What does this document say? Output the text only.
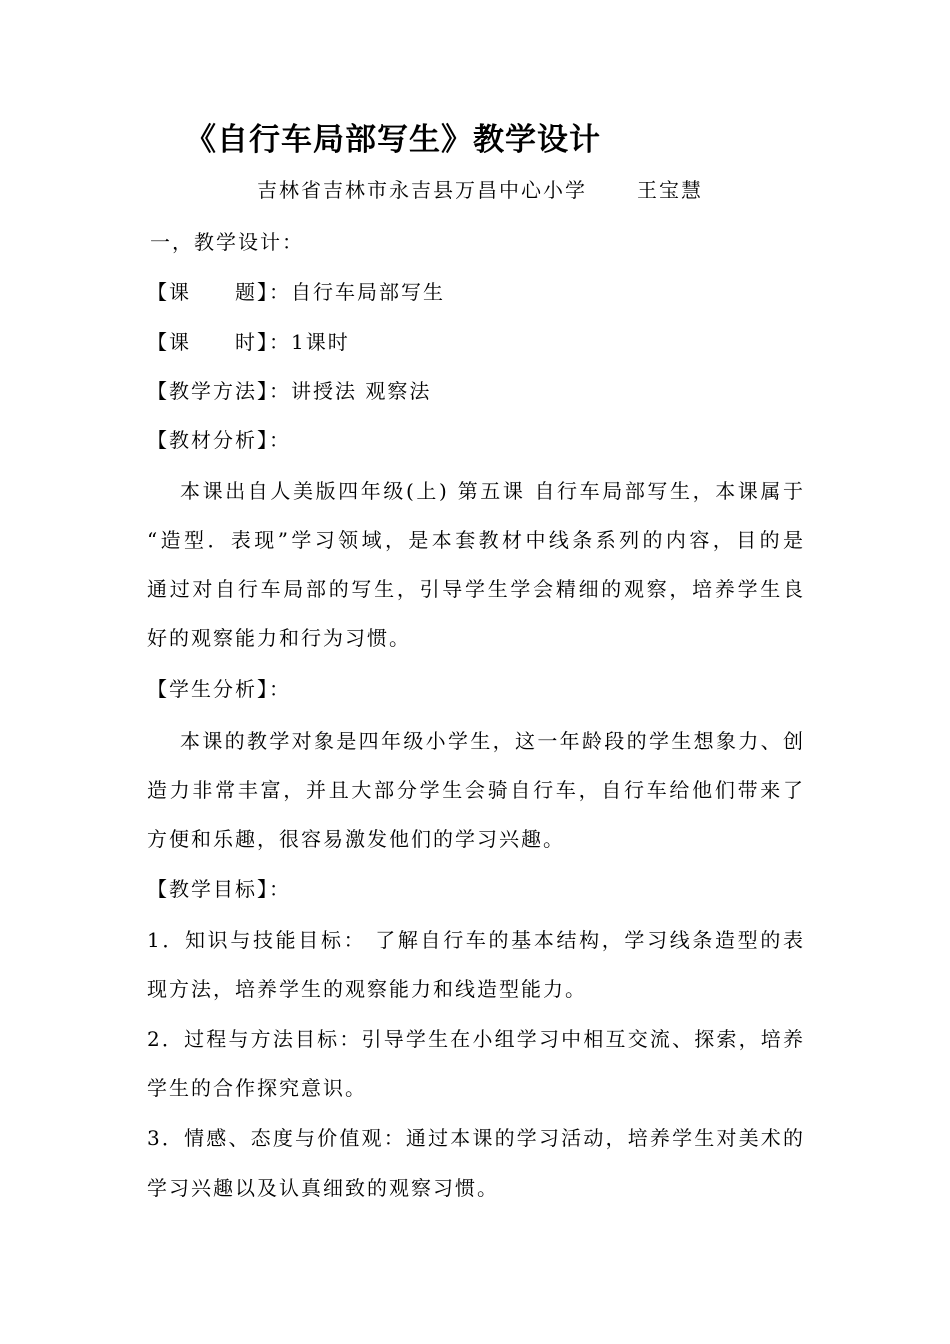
《自行车局部写生》教学设计
吉林省吉林市永吉县万昌中心小学	王宝慧
一，教学设计：
【课　　题】：自行车局部写生
【课　　时】：1课时
【教学方法】：讲授法 观察法
【教材分析】：
本课出自人美版四年级(上) 第五课 自行车局部写生，本课属于
“造型．表现”学习领域，是本套教材中线条系列的内容，目的是
通过对自行车局部的写生，引导学生学会精细的观察，培养学生良
好的观察能力和行为习惯。
【学生分析】：
本课的教学对象是四年级小学生，这一年龄段的学生想象力、创
造力非常丰富，并且大部分学生会骑自行车，自行车给他们带来了
方便和乐趣，很容易激发他们的学习兴趣。
【教学目标】：
1．知识与技能目标： 了解自行车的基本结构，学习线条造型的表
现方法，培养学生的观察能力和线造型能力。
2．过程与方法目标：引导学生在小组学习中相互交流、探索，培养
学生的合作探究意识。
3．情感、态度与价值观：通过本课的学习活动，培养学生对美术的
学习兴趣以及认真细致的观察习惯。
